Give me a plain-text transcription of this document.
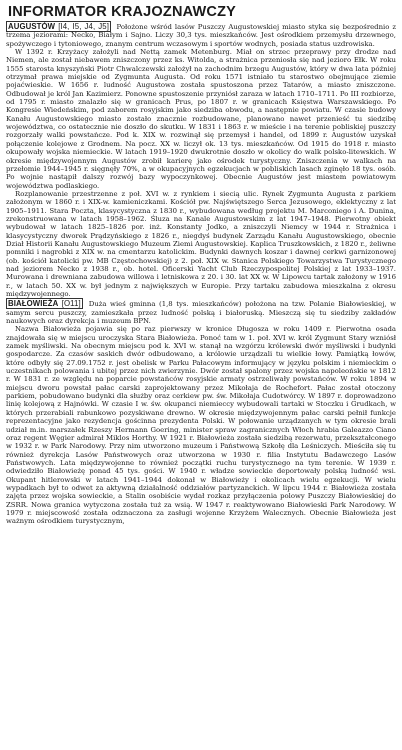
INFORMATOR KRAJOZNAWCZY

AUGUSTÓW [I4, I5, J4, J5] Położone wśród lasów Puszczy Augustowskiej miasto styka się bezpośrednio z trzema jeziorami: Necko, Białym i Sajno. Liczy 30,3 tys. mieszkańców. Jest ośrodkiem przemysłu drzewnego, spożywczego i tytoniowego, znanym centrum wczasowym i sportów wodnych, posiada status uzdrowiska.

W 1392 r. Krzyżacy założyli nad Nettą zamek Metenburg. Miał on strzec przeprawy przy drodze nad Niemen, ale został niebawem zniszczony przez ks. Witolda, a strażnica przeniosła się nad jezioro Ełk. W roku 1555 starosta knyszyński Piotr Chwalczewski założył na zachodnim brzegu Augustów, który w dwa lata później otrzymał prawa miejskie od Zygmunta Augusta. Od roku 1571 istniało tu starostwo obejmujące ziemie pojaćwieskie. W 1656 r. ludność Augustowa została spustoszona przez Tatarów, a miasto zniszczone. Odbudował je król Jan Kazimierz. Ponowne spustoszenie przyniósł zaraza w latach 1710–1711. Po III rozbiorze, od 1795 r. miasto znalazło się w granicach Prus, po 1807 r. w granicach Księstwa Warszawskiego. Po Kongresie Wiedeńskim, pod zaborem rosyjskim jako siedziba obwodu, a następnie powiatu. W czasie budowy Kanału Augustowskiego miasto zostało znacznie rozbudowane, planowano nawet przenieść tu siedzibę województwa, co ostatecznie nie doszło do skutku. W 1831 i 1863 r. w mieście i na terenie pobliskiej puszczy rozgorzały walki powstańcze. Pod k. XIX w. rozwinął się przemysł i handel, od 1899 r. Augustów uzyskał połączenie kolejowe z Grodnem. Na pocz. XX w. liczył ok. 13 tys. mieszkańców. Od 1915 do 1918 r. miasto okupowały wojska niemieckie. W latach 1919–1920 dwukrotnie doszło w okolicy do walk polsko-litewskich. W okresie międzywojennym Augustów zrobił karierę jako ośrodek turystyczny. Zniszczenia w walkach na przełomie 1944–1945 r. sięgnęły 70%, a w okupacyjnych egzekucjach w pobliskich lasach zginęło 18 tys. osób. Po wojnie nastąpił dalszy rozwój bazy wypoczynkowej. Obecnie Augustów jest miastem powiatowym województwa podlaskiego.

Rozplanowanie przestrzenne z poł. XVI w. z rynkiem i siecią ulic. Rynek Zygmunta Augusta z parkiem założonym w 1860 r. i XIX-w. kamieniczkami. Kościół pw. Najświętszego Serca Jezusowego, eklektyczny z lat 1905–1911. Stara Poczta, klasycystyczna z 1830 r., wybudowana według projektu M. Marconiego i A. Dunina, zrekonstruowana w latach 1958–1962. Śluza na Kanale Augustowskim z lat 1947–1948. Pierwotny obiekt wybudował w latach 1825–1826 por. inż. Konstanty Jodko, a zniszczyli Niemcy w 1944 r. Strażnica i klasycystyczny dworek Prądzyńskiego z 1826 r., niegdyś budynek Zarządu Kanału Augustowskiego, obecnie Dział Historii Kanału Augustowskiego Muzeum Ziemi Augustowskiej. Kaplica Truszkowskich, z 1820 r., żeliwne pomniki i nagrobki z XIX w. na cmentarzu katolickim. Budynki dawnych koszar i dawnej cerkwi garnizonowej (ob. kościół katolicki pw. MB Częstochowskiej) z 2. poł. XIX w. Stanica Polskiego Towarzystwa Turystycznego nad jeziorem Necko z 1938 r., ob. hotel. Oficerski Yacht Club Rzeczypospolitej Polskiej z lat 1933–1937. Murowana i drewniana zabudowa willowa i letniskowa z 20. i 30. lat XX w. W Lipowcu tartak założony w 1916 r., w latach 50. XX w. był jednym z największych w Europie. Przy tartaku zabudowa mieszkalna z okresu międzywojennego.

BIAŁOWIEŻA [O11] Duża wieś gminna (1,8 tys. mieszkańców) położona na tzw. Polanie Białowieskiej, w samym sercu puszczy, zamieszkała przez ludność polską i białoruską. Mieszczą się tu siedziby zakładów naukowych oraz dyrekcja i muzeum BPN.

Nazwa Białowieża pojawia się po raz pierwszy w kronice Długosza w roku 1409 r. Pierwotna osada znajdowała się w miejscu uroczyska Stara Białowieża. Ponoć tam w 1. poł. XVI w. król Zygmunt Stary wzniósł zamek myśliwski. Na obecnym miejscu pod k. XVI w. stanął na wzgórzu królewski dwór myśliwski i budynki gospodarcze. Za czasów saskich dwór odbudowano, a królowie urządzali tu wielkie łowy. Pamiątką łowów, które odbyły się 27.09.1752 r. jest obelisk w Parku Pałacowym informujący w języku polskim i niemieckim o uczestnikach polowania i ubitej przez nich zwierzynie. Dwór został spalony przez wojska napoleońskie w 1812 r. W 1831 r. ze względu na poparcie powstańców rosyjskie armaty ostrzeliwały powstańców. W roku 1894 w miejscu dworu powstał pałac carski zaprojektowany przez Mikołaja de Rochefort. Pałac został otoczony parkiem, pobudowano budynki dla służby oraz cerkiew pw. św. Mikołaja Cudotwórcy. W 1897 r. doprowadzono linię kolejową z Hajnówki. W czasie I w. św. okupanci niemieccy wybudowali tartaki w Stoczku i Grudkach, w których przerabiali rabunkowo pozyskiwane drewno. W okresie międzywojennym pałac carski pełnił funkcje reprezentacyjne jako rezydencja gościnna prezydenta Polski. W połowanie urządzanych w tym okresie brali udział m.in. marszałek Rzeszy Hermann Goering, minister spraw zagranicznych Włoch hrabia Galeazzo Ciano oraz regent Węgier admirał Miklos Horthy. W 1921 r. Białowieża została siedzibą rezerwatu, przekształconego w 1932 r. w Park Narodowy. Przy nim utworzono muzeum i Państwową Szkołę dla Leśniczych. Mieściła się tu również dyrekcja Lasów Państwowych oraz utworzona w 1930 r. filia Instytutu Badawczego Lasów Państwowych. Lata międzywojenne to również początki ruchu turystycznego na tym terenie. W 1939 r. odwiedziło Białowieżę ponad 45 tys. gości. W 1940 r. władze sowieckie deportowały polską ludność wsi. Okupant hitlerowski w latach 1941–1944 dokonał w Białowieży i okolicach wielu egzekucji. W wielu wypadkach był to odwet za aktywną działalność oddziałów partyzanckich. W lipcu 1944 r. Białowieża została zajęta przez wojska sowieckie, a Stalin osobiście wydał rozkaz przyłączenia polowy Puszczy Białowieskiej do ZSRR. Nowa granica wytyczona została tuż za wsią. W 1947 r. reaktywowano Białowieski Park Narodowy. W 1979 r. miejscowość została odznaczona za zasługi wojenne Krzyżem Walecznych. Obecnie Białowieża jest ważnym ośrodkiem turystycznym,
